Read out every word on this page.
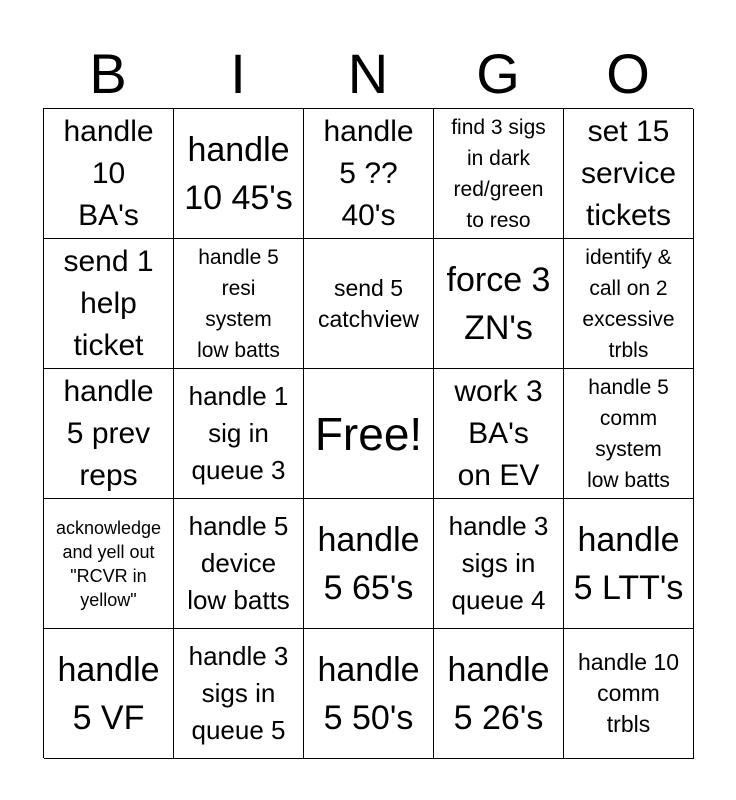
B	I	N	G	O
handle
10
BA's
handle
10 45's
handle
5 ??
40's
find 3 sigs
in dark
red/green
to reso
set 15
service
tickets
send 1
help
ticket
handle 5
resi
system
low batts
send 5
catchview
force 3
ZN's
identify &
call on 2
excessive
trbls
handle
5 prev
reps
handle 1
sig in
queue 3
Free!
work 3
BA's
on EV
handle 5
comm
system
low batts
acknowledge
and yell out
"RCVR in
yellow"
handle 5
device
low batts
handle
5 65's
handle 3
sigs in
queue 4
handle
5 LTT's
handle
5 VF
handle 3
sigs in
queue 5
handle
5 50's
handle
5 26's
handle 10
comm
trbls
